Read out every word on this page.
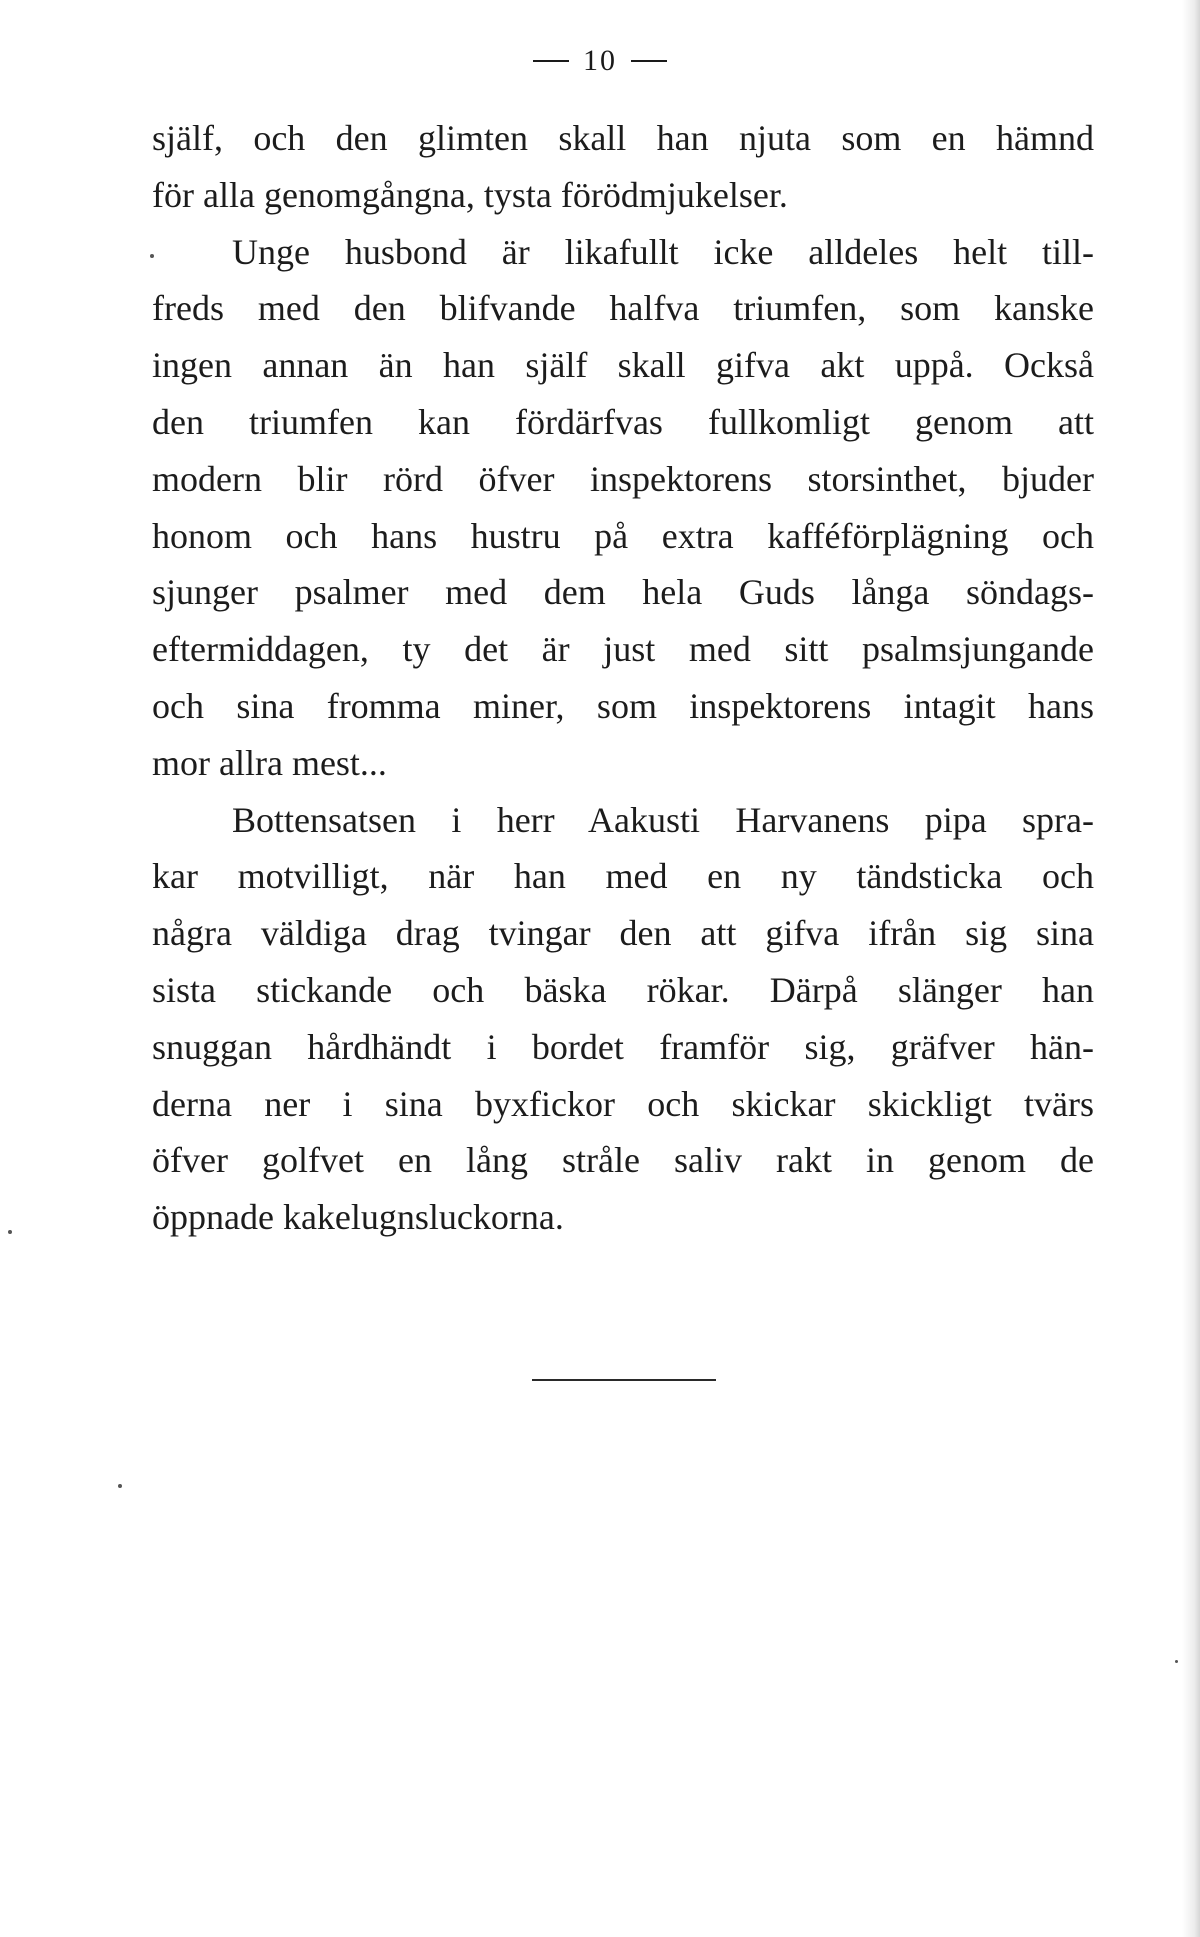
10
själf, och den glimten skall han njuta som en hämnd
för alla genomgångna, tysta förödmjukelser.
Unge husbond är likafullt icke alldeles helt till-
freds med den blifvande halfva triumfen, som kanske
ingen annan än han själf skall gifva akt uppå. Också
den triumfen kan fördärfvas fullkomligt genom att
modern blir rörd öfver inspektorens storsinthet, bjuder
honom och hans hustru på extra kafféförplägning och
sjunger psalmer med dem hela Guds långa söndags-
eftermiddagen, ty det är just med sitt psalmsjungande
och sina fromma miner, som inspektorens intagit hans
mor allra mest...
Bottensatsen i herr Aakusti Harvanens pipa spra-
kar motvilligt, när han med en ny tändsticka och
några väldiga drag tvingar den att gifva ifrån sig sina
sista stickande och bäska rökar. Därpå slänger han
snuggan hårdhändt i bordet framför sig, gräfver hän-
derna ner i sina byxfickor och skickar skickligt tvärs
öfver golfvet en lång stråle saliv rakt in genom de
öppnade kakelugnsluckorna.
